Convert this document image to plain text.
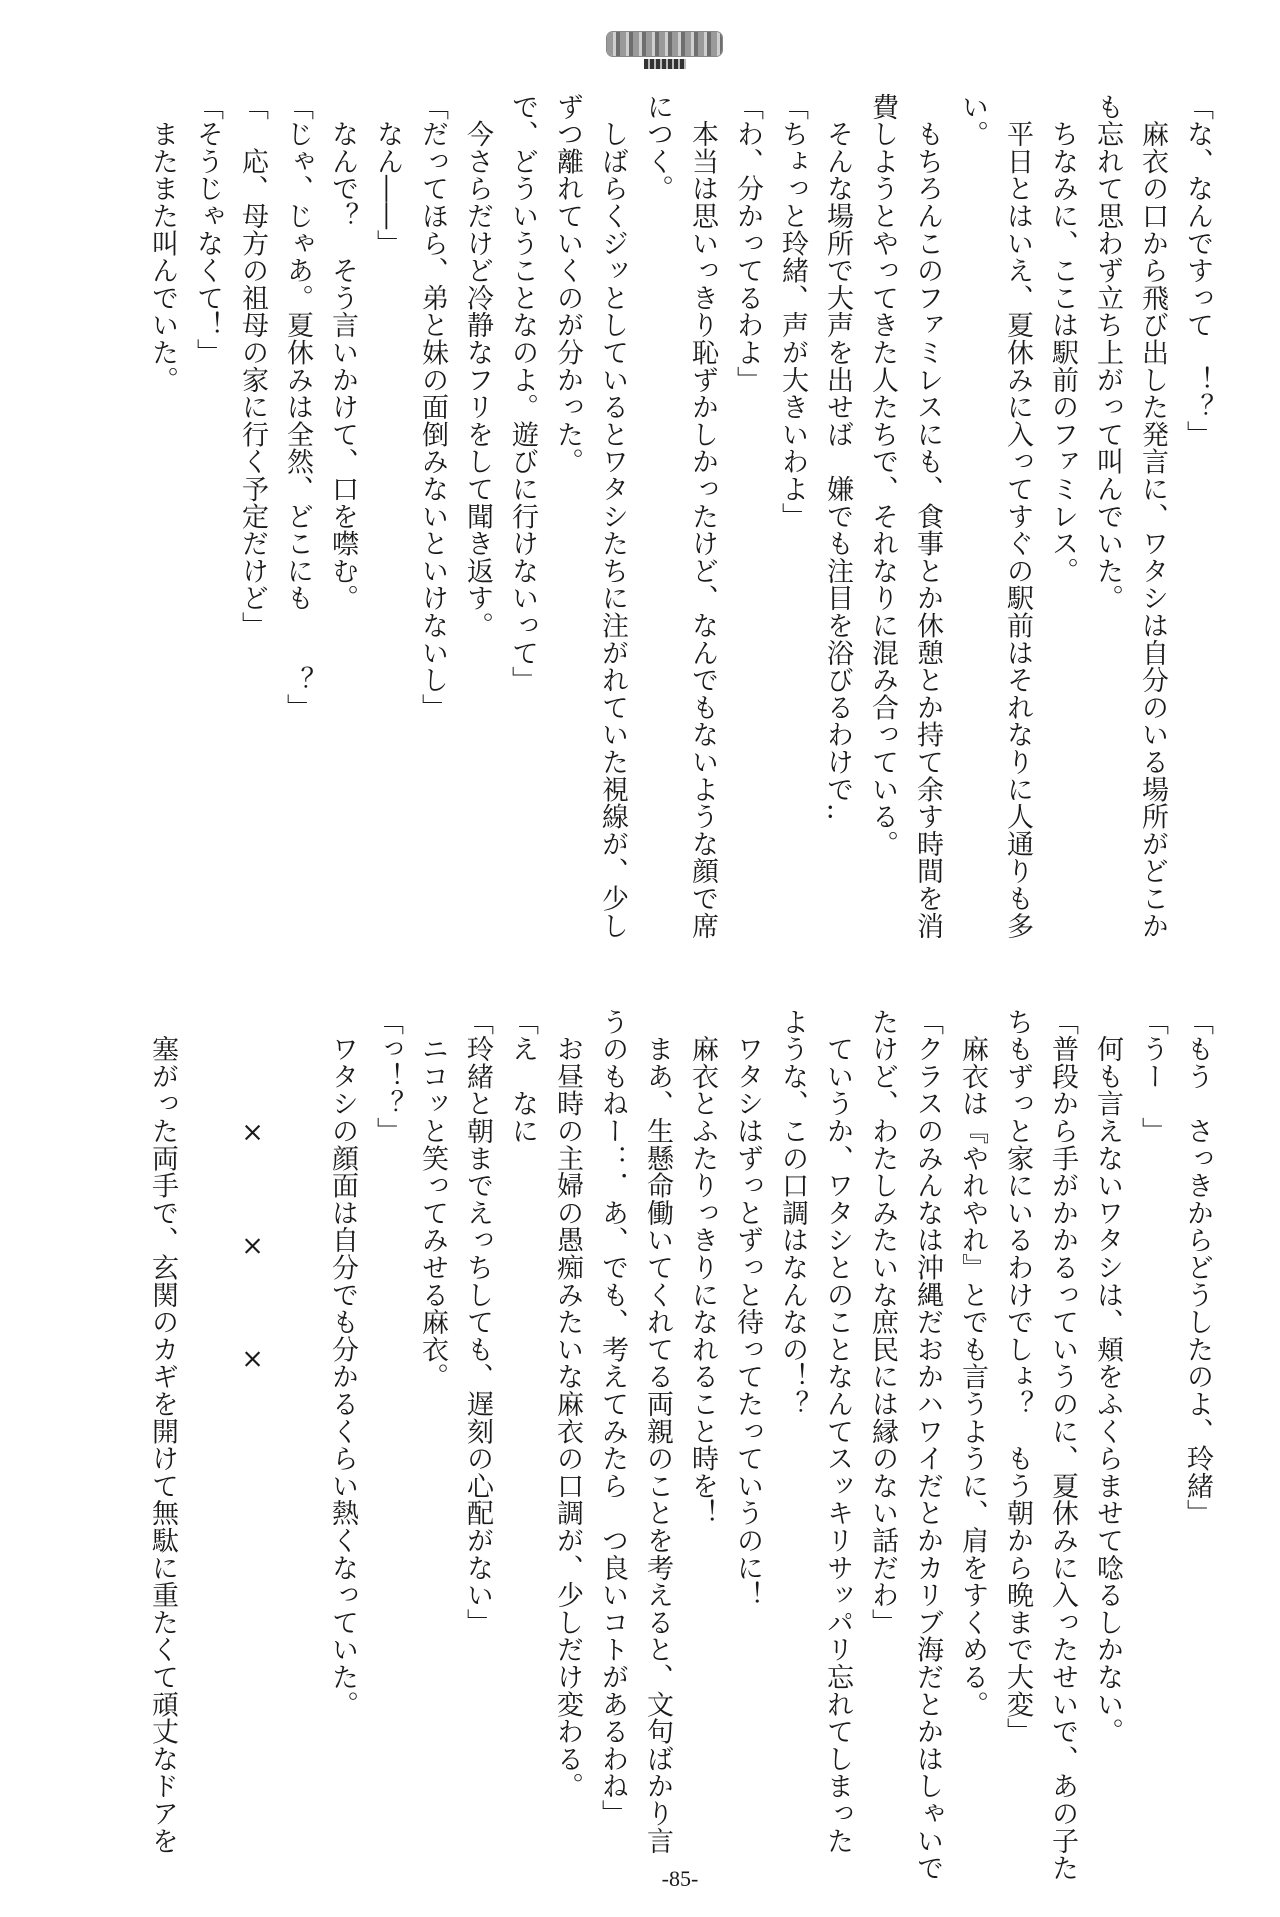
「な、なんですって　！？」
　麻衣の口から飛び出した発言に、ワタシは自分のいる場所がどこか
も忘れて思わず立ち上がって叫んでいた。
　ちなみに、ここは駅前のファミレス。
　平日とはいえ、夏休みに入ってすぐの駅前はそれなりに人通りも多
い。
　もちろんこのファミレスにも、食事とか休憩とか持て余す時間を消
費しようとやってきた人たちで、それなりに混み合っている。
　そんな場所で大声を出せば　嫌でも注目を浴びるわけで‥
「ちょっと玲緒、声が大きいわよ」
「わ、分かってるわよ」
　本当は思いっきり恥ずかしかったけど、なんでもないような顔で席
につく。
　しばらくジッとしているとワタシたちに注がれていた視線が、少し
ずつ離れていくのが分かった。
で、どういうことなのよ。遊びに行けないって」
　今さらだけど冷静なフリをして聞き返す。
「だってほら、弟と妹の面倒みないといけないし」
　なん――」
　なんで？　そう言いかけて、口を噤む。
「じゃ、じゃあ。夏休みは全然、どこにも　　？」
「　応、母方の祖母の家に行く予定だけど」
「そうじゃなくて！」
　またまた叫んでいた。
「もう　さっきからどうしたのよ、玲緒」
「うー　」
　何も言えないワタシは、頬をふくらませて唸るしかない。
「普段から手がかかるっていうのに、夏休みに入ったせいで、あの子た
ちもずっと家にいるわけでしょ？　もう朝から晩まで大変」
　麻衣は『やれやれ』とでも言うように、肩をすくめる。
「クラスのみんなは沖縄だおかハワイだとかカリブ海だとかはしゃいで
たけど、わたしみたいな庶民には縁のない話だわ」
　ていうか、ワタシとのことなんてスッキリサッパリ忘れてしまった
ような、この口調はなんなの！？
　ワタシはずっとずっと待ってたっていうのに！
　麻衣とふたりっきりになれること時を！
　まあ、生懸命働いてくれてる両親のことを考えると、文句ばかり言
うのもねー：．あ、でも、考えてみたら　つ良いコトがあるわね」
　お昼時の主婦の愚痴みたいな麻衣の口調が、少しだけ変わる。
「え　なに
「玲緒と朝までえっちしても、遅刻の心配がない」
　ニコッと笑ってみせる麻衣。
「っ！？」
　ワタシの顔面は自分でも分かるくらい熱くなっていた。
　　　　×　　　×　　　×
　塞がった両手で、玄関のカギを開けて無駄に重たくて頑丈なドアを
-85-
